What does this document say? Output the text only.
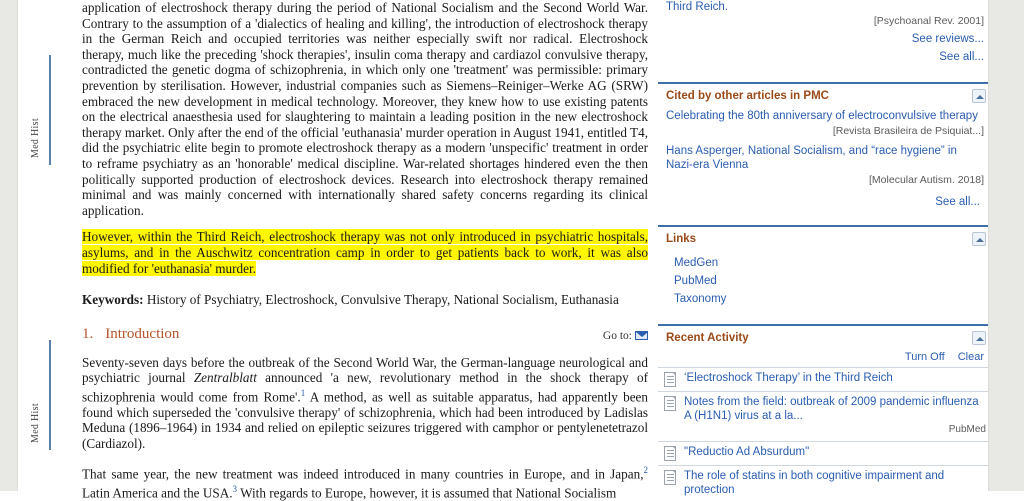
Med Hist
Med Hist

application of electroshock therapy during the period of National Socialism and the Second World War. Contrary to the assumption of a 'dialectics of healing and killing', the introduction of electroshock therapy in the German Reich and occupied territories was neither especially swift nor radical. Electroshock therapy, much like the preceding 'shock therapies', insulin coma therapy and cardiazol convulsive therapy, contradicted the genetic dogma of schizophrenia, in which only one 'treatment' was permissible: primary prevention by sterilisation. However, industrial companies such as Siemens–Reiniger–Werke AG (SRW) embraced the new development in medical technology. Moreover, they knew how to use existing patents on the electrical anaesthesia used for slaughtering to maintain a leading position in the new electroshock therapy market. Only after the end of the official 'euthanasia' murder operation in August 1941, entitled T4, did the psychiatric elite begin to promote electroshock therapy as a modern 'unspecific' treatment in order to reframe psychiatry as an 'honorable' medical discipline. War-related shortages hindered even the then politically supported production of electroshock devices. Research into electroshock therapy remained minimal and was mainly concerned with internationally shared safety concerns regarding its clinical application.

However, within the Third Reich, electroshock therapy was not only introduced in psychiatric hospitals, asylums, and in the Auschwitz concentration camp in order to get patients back to work, it was also modified for 'euthanasia' murder.

Keywords: History of Psychiatry, Electroshock, Convulsive Therapy, National Socialism, Euthanasia

1. Introduction	Go to:

Seventy-seven days before the outbreak of the Second World War, the German-language neurological and psychiatric journal Zentralblatt announced 'a new, revolutionary method in the shock therapy of schizophrenia would come from Rome'.$^1$ A method, as well as suitable apparatus, had apparently been found which superseded the 'convulsive therapy' of schizophrenia, which had been introduced by Ladislas Meduna (1896–1964) in 1934 and relied on epileptic seizures triggered with camphor or pentylenetetrazol (Cardiazol).

That same year, the new treatment was indeed introduced in many countries in Europe, and in Japan,$^2$ Latin America and the USA.$^3$ With regards to Europe, however, it is assumed that National Socialism

Third Reich.
[Psychoanal Rev. 2001]
See reviews...
See all...
Cited by other articles in PMC
Celebrating the 80th anniversary of electroconvulsive therapy
[Revista Brasileira de Psiquiat...]
Hans Asperger, National Socialism, and “race hygiene” in Nazi-era Vienna
[Molecular Autism. 2018]
See all...
Links
MedGen
PubMed
Taxonomy
Recent Activity
Turn Off Clear
‘Electroshock Therapy’ in the Third Reich
Notes from the field: outbreak of 2009 pandemic influenza A (H1N1) virus at a la...
PubMed
"Reductio Ad Absurdum"
The role of statins in both cognitive impairment and protection
